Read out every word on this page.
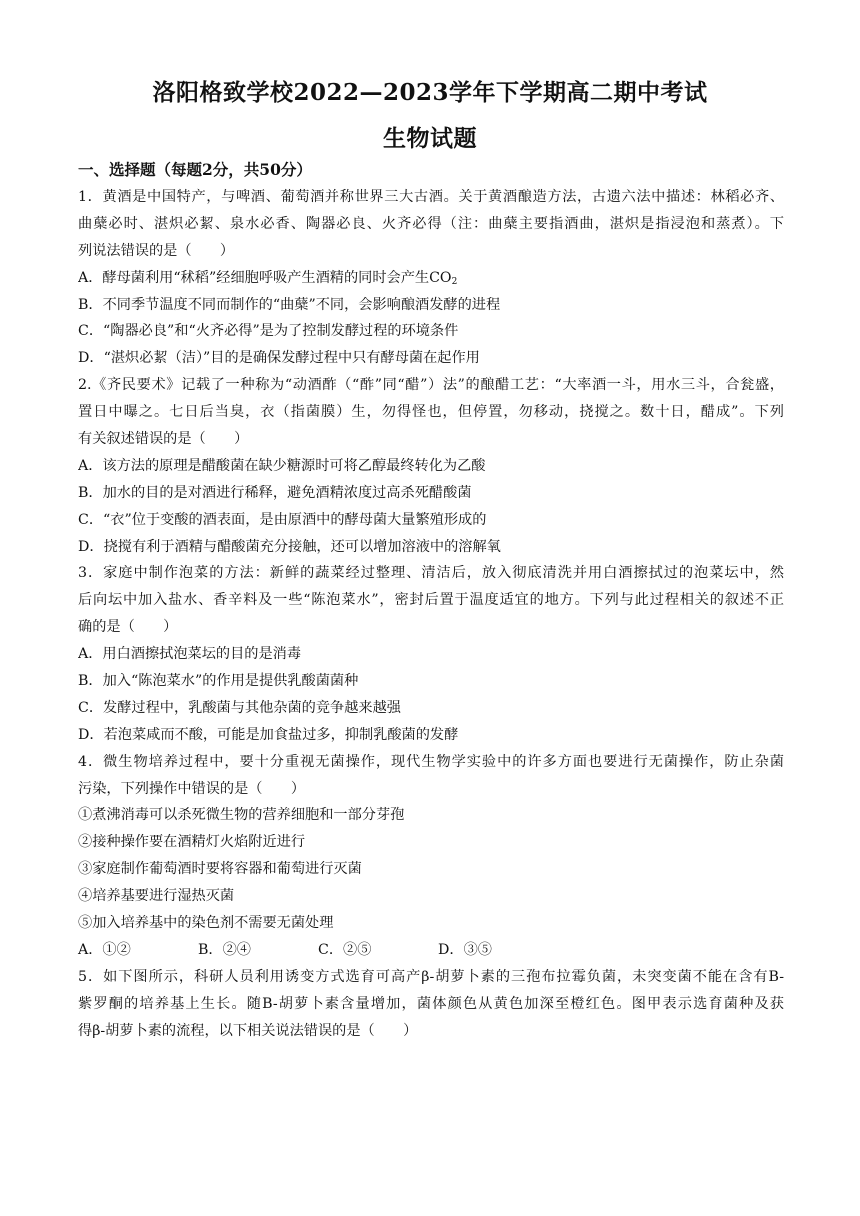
洛阳格致学校2022—2023学年下学期高二期中考试
生物试题
一、选择题（每题2分，共50分）
1．黄酒是中国特产，与啤酒、葡萄酒并称世界三大古酒。关于黄酒酿造方法，古遗六法中描述：林稻必齐、
曲蘖必时、湛炽必絜、泉水必香、陶器必良、火齐必得（注：曲蘖主要指酒曲，湛炽是指浸泡和蒸煮）。下
列说法错误的是（　　）
A．酵母菌利用“秫稻”经细胞呼吸产生酒精的同时会产生$CO_2$
B．不同季节温度不同而制作的“曲蘖”不同，会影响酿酒发酵的进程
C．“陶器必良”和“火齐必得”是为了控制发酵过程的环境条件
D．“湛炽必絜（洁）”目的是确保发酵过程中只有酵母菌在起作用
2.《齐民要术》记载了一种称为“动酒酢（“酢”同“醋”）法”的酿醋工艺：“大率酒一斗，用水三斗，合瓮盛，
置日中曝之。七日后当臭，衣（指菌膜）生，勿得怪也，但停置，勿移动，挠搅之。数十日，醋成”。下列
有关叙述错误的是（　　）
A．该方法的原理是醋酸菌在缺少糖源时可将乙醇最终转化为乙酸
B．加水的目的是对酒进行稀释，避免酒精浓度过高杀死醋酸菌
C．“衣”位于变酸的酒表面，是由原酒中的酵母菌大量繁殖形成的
D．挠搅有利于酒精与醋酸菌充分接触，还可以增加溶液中的溶解氧
3．家庭中制作泡菜的方法：新鲜的蔬菜经过整理、清洁后，放入彻底清洗并用白酒擦拭过的泡菜坛中，然
后向坛中加入盐水、香辛料及一些“陈泡菜水”，密封后置于温度适宜的地方。下列与此过程相关的叙述不正
确的是（　　）
A．用白酒擦拭泡菜坛的目的是消毒
B．加入“陈泡菜水”的作用是提供乳酸菌菌种
C．发酵过程中，乳酸菌与其他杂菌的竞争越来越强
D．若泡菜咸而不酸，可能是加食盐过多，抑制乳酸菌的发酵
4．微生物培养过程中，要十分重视无菌操作，现代生物学实验中的许多方面也要进行无菌操作，防止杂菌
污染，下列操作中错误的是（　　）
①煮沸消毒可以杀死微生物的营养细胞和一部分芽孢
②接种操作要在酒精灯火焰附近进行
③家庭制作葡萄酒时要将容器和葡萄进行灭菌
④培养基要进行湿热灭菌
⑤加入培养基中的染色剂不需要无菌处理
A．①②	B．②④	C．②⑤	D．③⑤
5．如下图所示，科研人员利用诱变方式选育可高产β-胡萝卜素的三孢布拉霉负菌，未突变菌不能在含有B-
紫罗酮的培养基上生长。随B-胡萝卜素含量增加，菌体颜色从黄色加深至橙红色。图甲表示选育菌种及获
得β-胡萝卜素的流程，以下相关说法错误的是（　　）
